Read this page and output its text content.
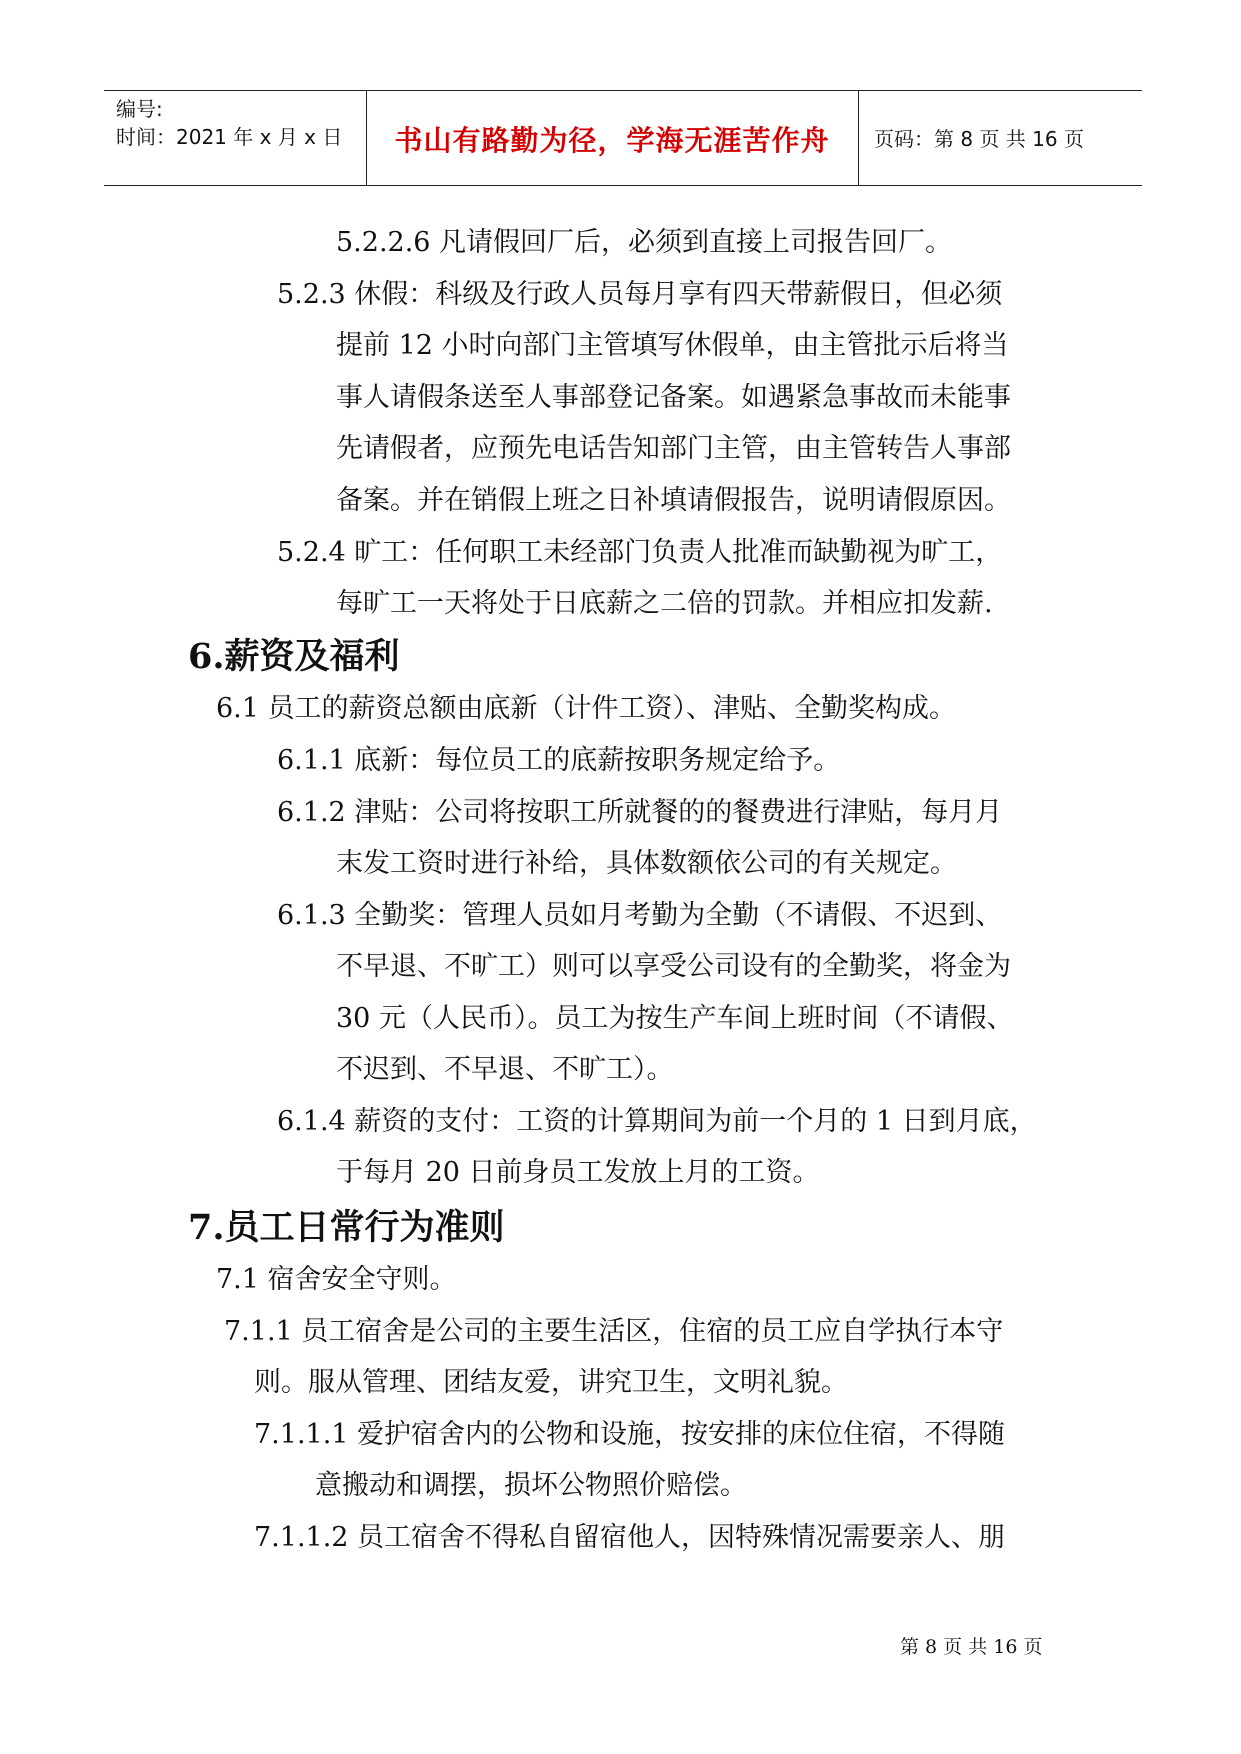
编号:
时间：2021 年 x 月 x 日	书山有路勤为径，学海无涯苦作舟	页码：第 8 页 共 16 页
5.2.2.6 凡请假回厂后，必须到直接上司报告回厂。
5.2.3 休假：科级及行政人员每月享有四天带薪假日，但必须
提前 12 小时向部门主管填写休假单，由主管批示后将当
事人请假条送至人事部登记备案。如遇紧急事故而未能事
先请假者，应预先电话告知部门主管，由主管转告人事部
备案。并在销假上班之日补填请假报告，说明请假原因。
5.2.4 旷工：任何职工未经部门负责人批准而缺勤视为旷工，
每旷工一天将处于日底薪之二倍的罚款。并相应扣发薪.
6.薪资及福利
6.1 员工的薪资总额由底新（计件工资）、津贴、全勤奖构成。
6.1.1 底新：每位员工的底薪按职务规定给予。
6.1.2 津贴：公司将按职工所就餐的的餐费进行津贴，每月月
末发工资时进行补给，具体数额依公司的有关规定。
6.1.3 全勤奖：管理人员如月考勤为全勤（不请假、不迟到、
不早退、不旷工）则可以享受公司设有的全勤奖，将金为
30 元（人民币）。员工为按生产车间上班时间（不请假、
不迟到、不早退、不旷工）。
6.1.4 薪资的支付：工资的计算期间为前一个月的 1 日到月底，
于每月 20 日前身员工发放上月的工资。
7.员工日常行为准则
7.1 宿舍安全守则。
7.1.1 员工宿舍是公司的主要生活区，住宿的员工应自学执行本守
则。服从管理、团结友爱，讲究卫生，文明礼貌。
7.1.1.1 爱护宿舍内的公物和设施，按安排的床位住宿，不得随
意搬动和调摆，损坏公物照价赔偿。
7.1.1.2 员工宿舍不得私自留宿他人，因特殊情况需要亲人、朋
第 8 页 共 16 页
